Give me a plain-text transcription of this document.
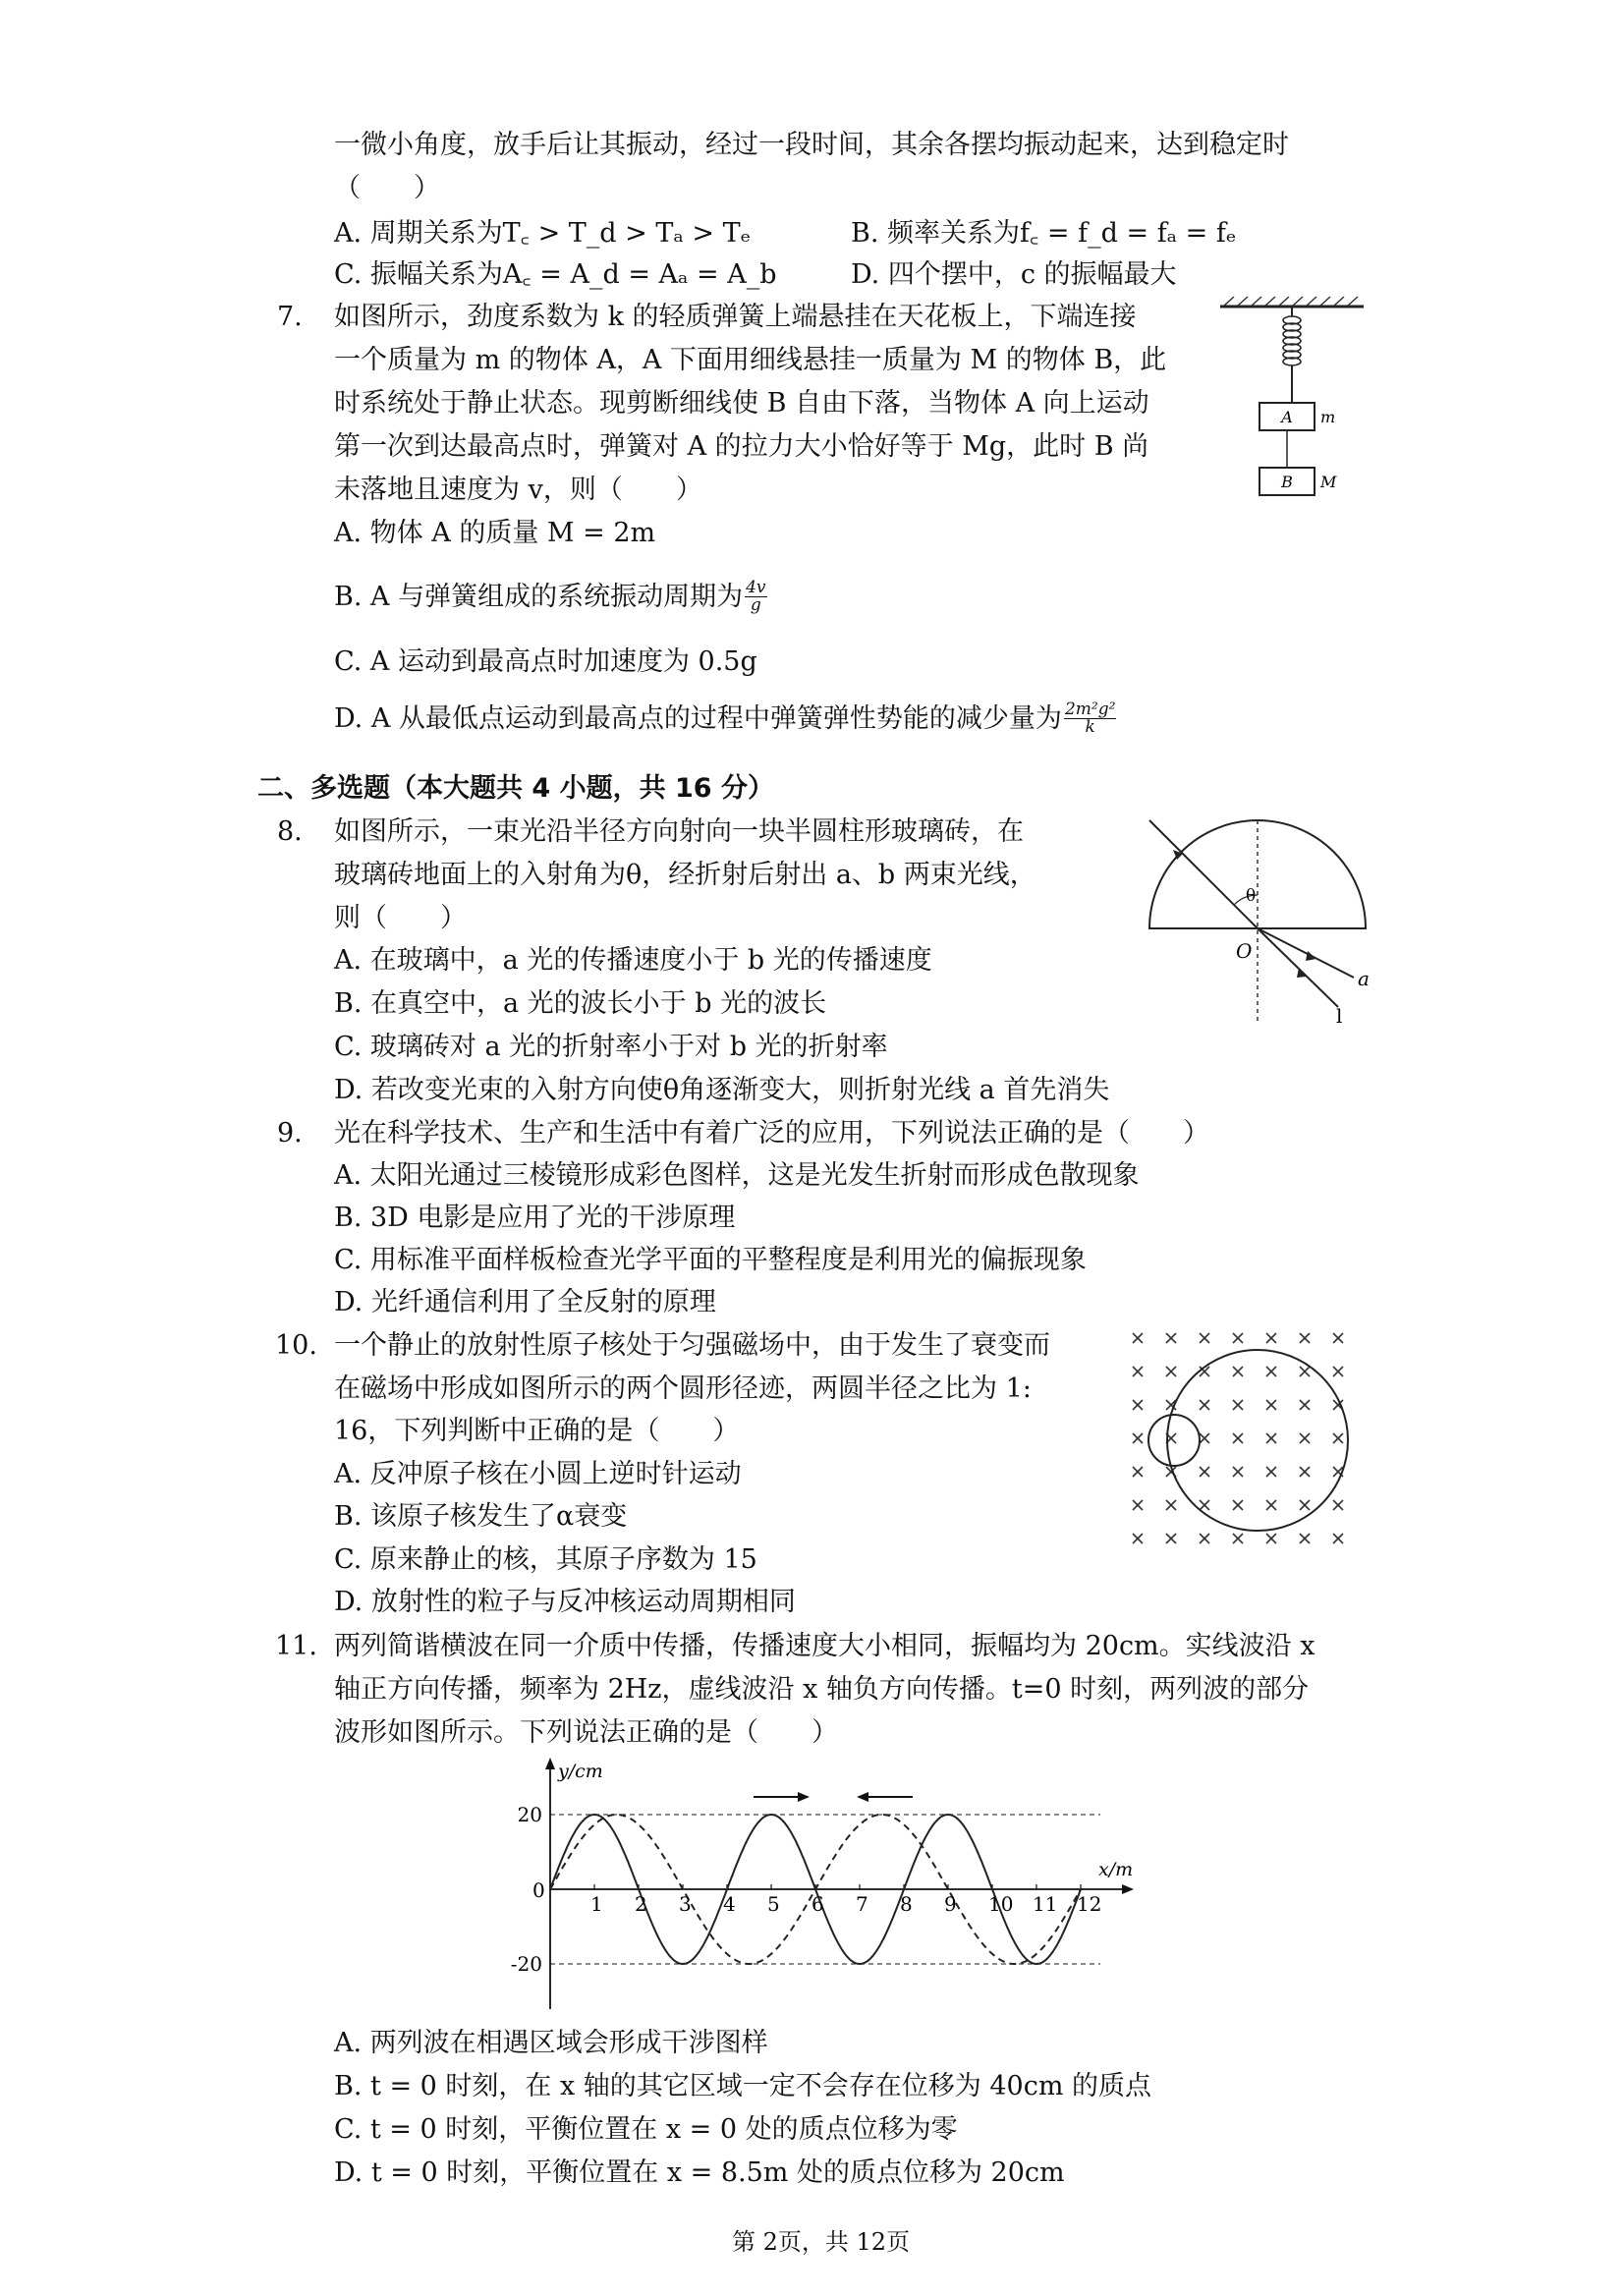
一微小角度，放手后让其振动，经过一段时间，其余各摆均振动起来，达到稳定时
（　　）
A. 周期关系为T꜀ > T_d > Tₐ > Tₑ	B. 频率关系为f꜀ = f_d = fₐ = fₑ
C. 振幅关系为A꜀ = A_d = Aₐ = A_b	D. 四个摆中，c 的振幅最大
7. 如图所示，劲度系数为 k 的轻质弹簧上端悬挂在天花板上，下端连接
一个质量为 m 的物体 A，A 下面用细线悬挂一质量为 M 的物体 B，此
时系统处于静止状态。现剪断细线使 B 自由下落，当物体 A 向上运动
第一次到达最高点时，弹簧对 A 的拉力大小恰好等于 Mg，此时 B 尚
未落地且速度为 v，则（　　）
A. 物体 A 的质量 M = 2m
B. A 与弹簧组成的系统振动周期为 $\frac{4v}{g}$
C. A 运动到最高点时加速度为 0.5g
D. A 从最低点运动到最高点的过程中弹簧弹性势能的减少量为 $\frac{\text{2m²g²}}{k}$
A m
B M
二、多选题（本大题共 4 小题，共 16 分）
8. 如图所示，一束光沿半径方向射向一块半圆柱形玻璃砖，在
玻璃砖地面上的入射角为θ，经折射后射出 a、b 两束光线，
则（　　）
A. 在玻璃中，a 光的传播速度小于 b 光的传播速度
B. 在真空中，a 光的波长小于 b 光的波长
C. 玻璃砖对 a 光的折射率小于对 b 光的折射率
D. 若改变光束的入射方向使θ角逐渐变大，则折射光线 a 首先消失
θ
O
a
l
9. 光在科学技术、生产和生活中有着广泛的应用，下列说法正确的是（　　）
A. 太阳光通过三棱镜形成彩色图样，这是光发生折射而形成色散现象
B. 3D 电影是应用了光的干涉原理
C. 用标准平面样板检查光学平面的平整程度是利用光的偏振现象
D. 光纤通信利用了全反射的原理
10. 一个静止的放射性原子核处于匀强磁场中，由于发生了衰变而
在磁场中形成如图所示的两个圆形径迹，两圆半径之比为 1:
16，下列判断中正确的是（　　）
A. 反冲原子核在小圆上逆时针运动
B. 该原子核发生了α衰变
C. 原来静止的核，其原子序数为 15
D. 放射性的粒子与反冲核运动周期相同
11. 两列简谐横波在同一介质中传播，传播速度大小相同，振幅均为 20cm。实线波沿 x
轴正方向传播，频率为 2Hz，虚线波沿 x 轴负方向传播。t=0 时刻，两列波的部分
波形如图所示。下列说法正确的是（　　）
1 2 3 4 5 6 7 8 9 10 11 12
20
-20
0
x/m
y/cm
A. 两列波在相遇区域会形成干涉图样
B. t = 0 时刻，在 x 轴的其它区域一定不会存在位移为 40cm 的质点
C. t = 0 时刻，平衡位置在 x = 0 处的质点位移为零
D. t = 0 时刻，平衡位置在 x = 8.5m 处的质点位移为 20cm
第 2页，共 12页
